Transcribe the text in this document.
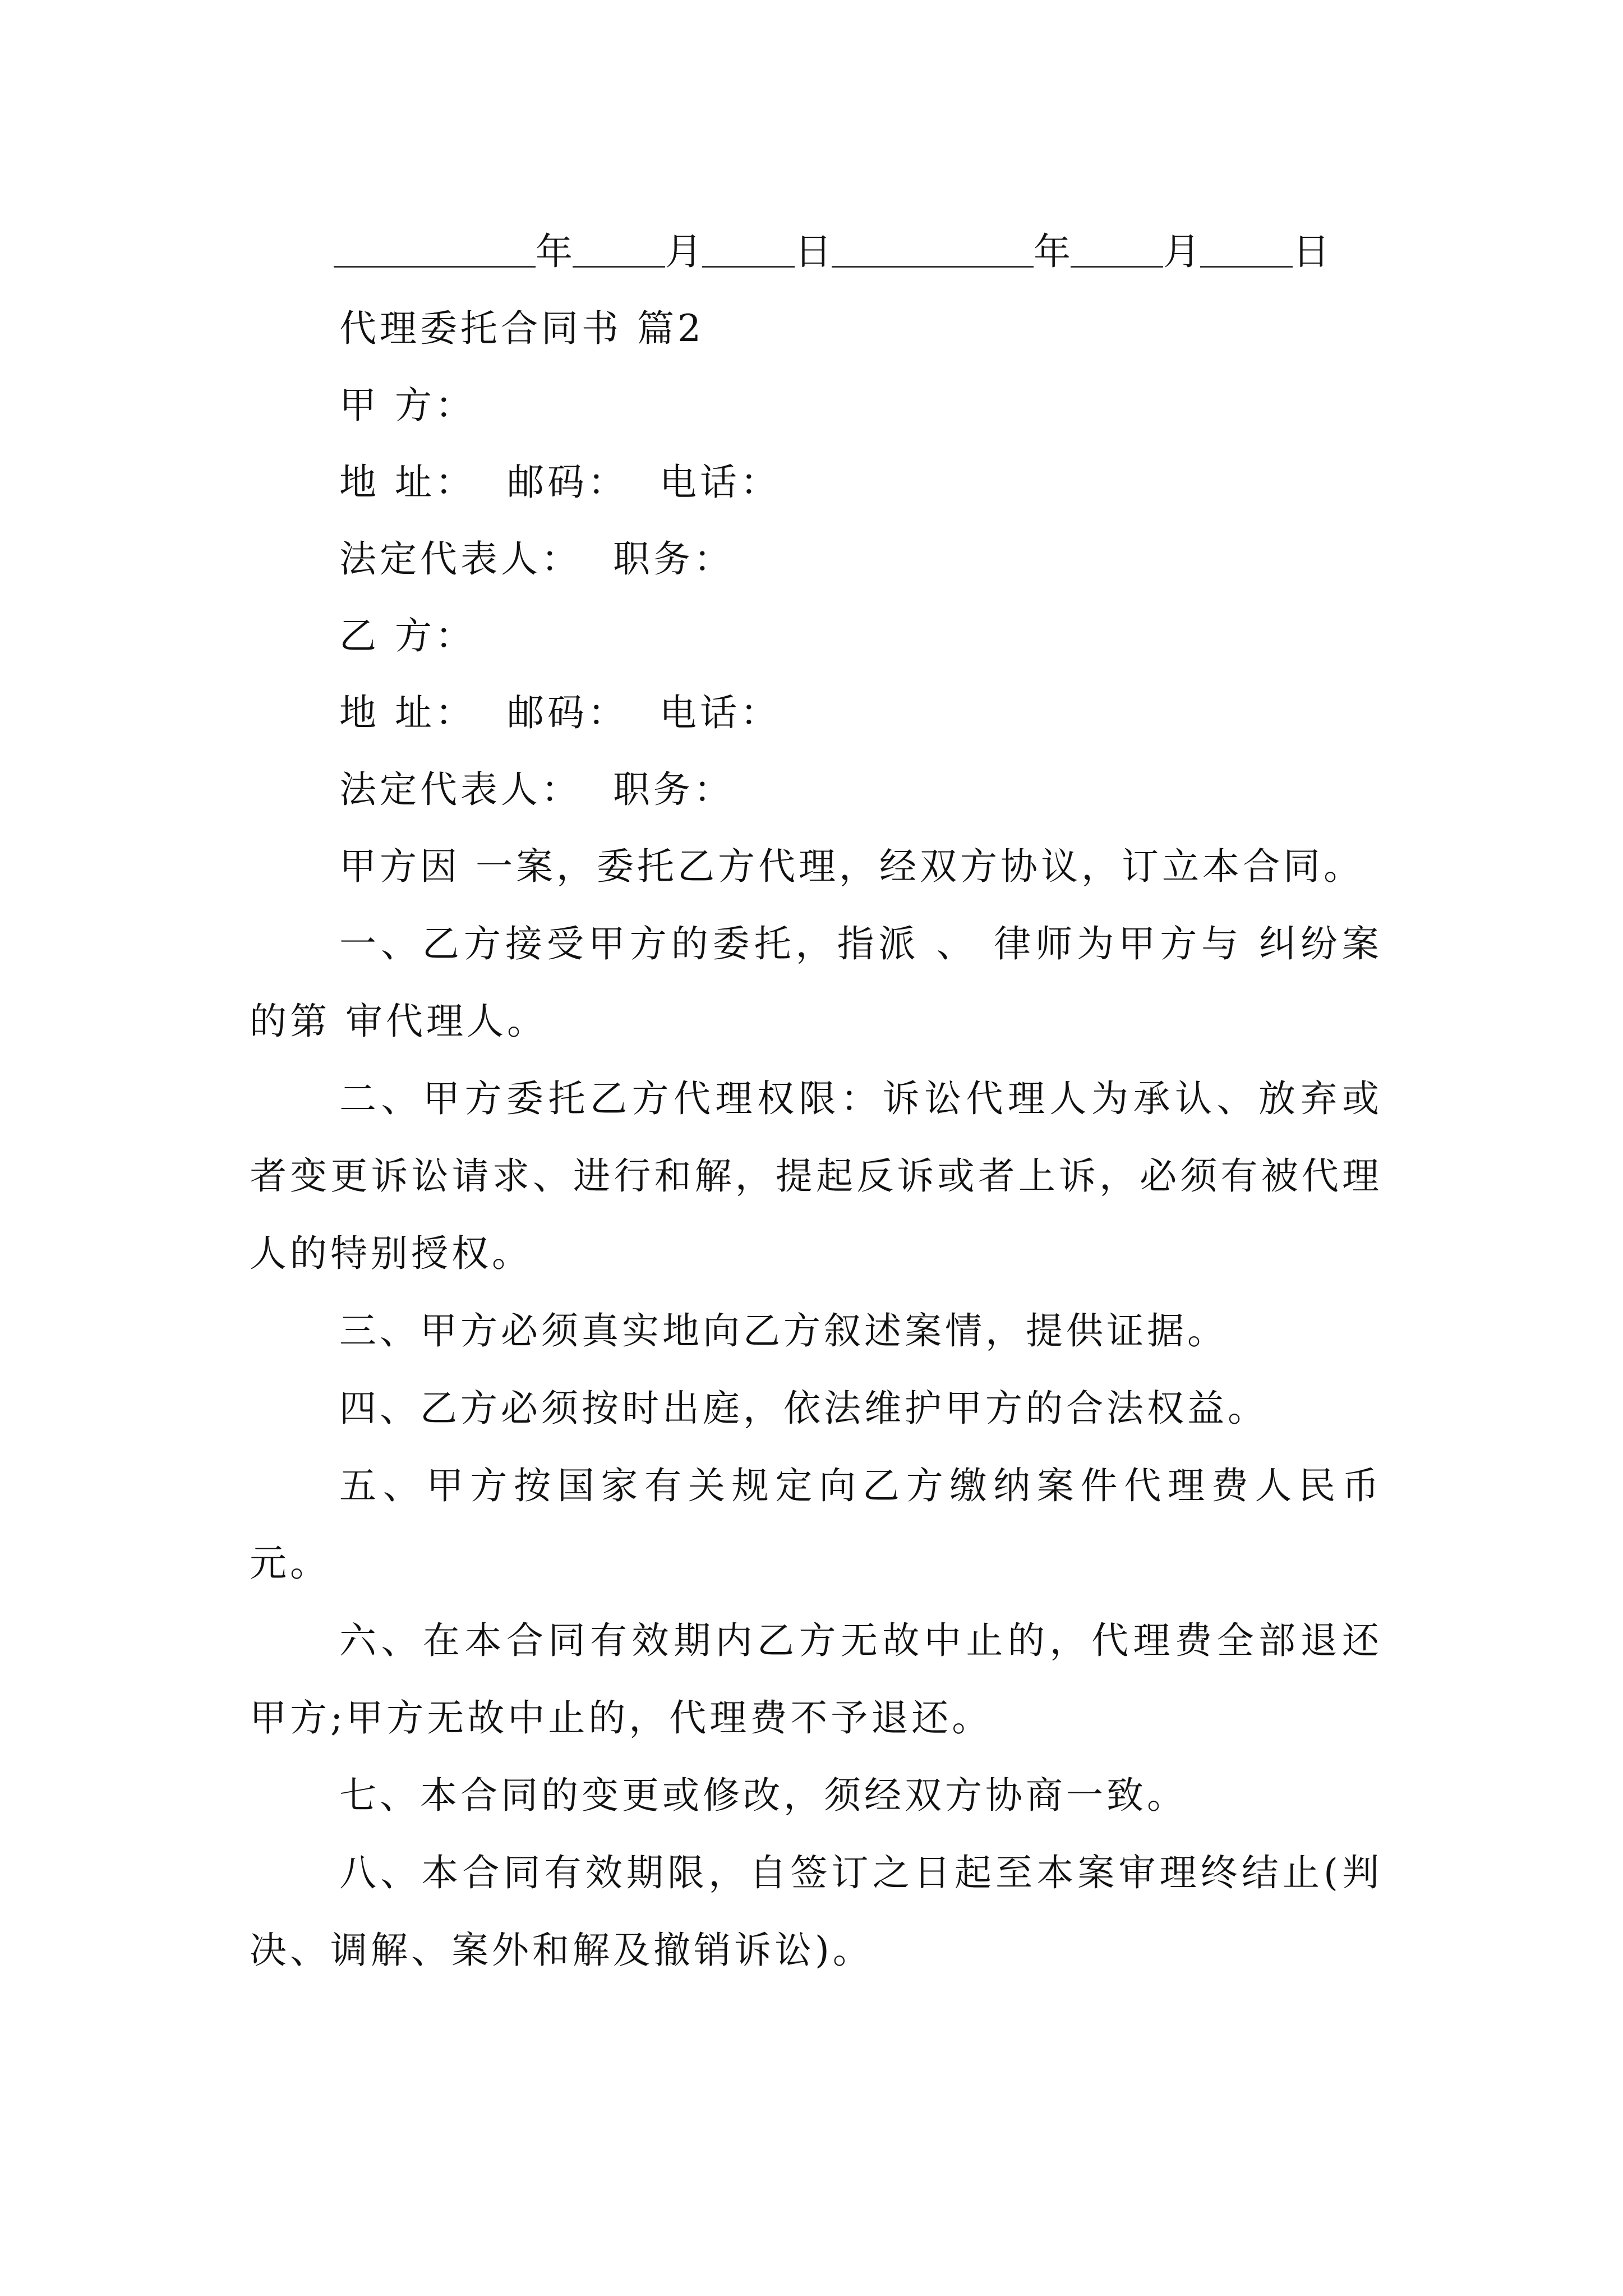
年	月	日	年	月	日
代理委托合同书 篇2
甲 方：
地 址： 邮码： 电话：
法定代表人： 职务：
乙 方：
地 址： 邮码： 电话：
法定代表人： 职务：

甲方因 一案，委托乙方代理，经双方协议，订立本合同。

一、乙方接受甲方的委托，指派 、 律师为甲方与 纠纷案的第 审代理人。

二、甲方委托乙方代理权限：诉讼代理人为承认、放弃或者变更诉讼请求、进行和解，提起反诉或者上诉，必须有被代理人的特别授权。

三、甲方必须真实地向乙方叙述案情，提供证据。

四、乙方必须按时出庭，依法维护甲方的合法权益。

五、甲方按国家有关规定向乙方缴纳案件代理费人民币 元。

六、在本合同有效期内乙方无故中止的，代理费全部退还甲方;甲方无故中止的，代理费不予退还。

七、本合同的变更或修改，须经双方协商一致。

八、本合同有效期限，自签订之日起至本案审理终结止(判决、调解、案外和解及撤销诉讼)。
